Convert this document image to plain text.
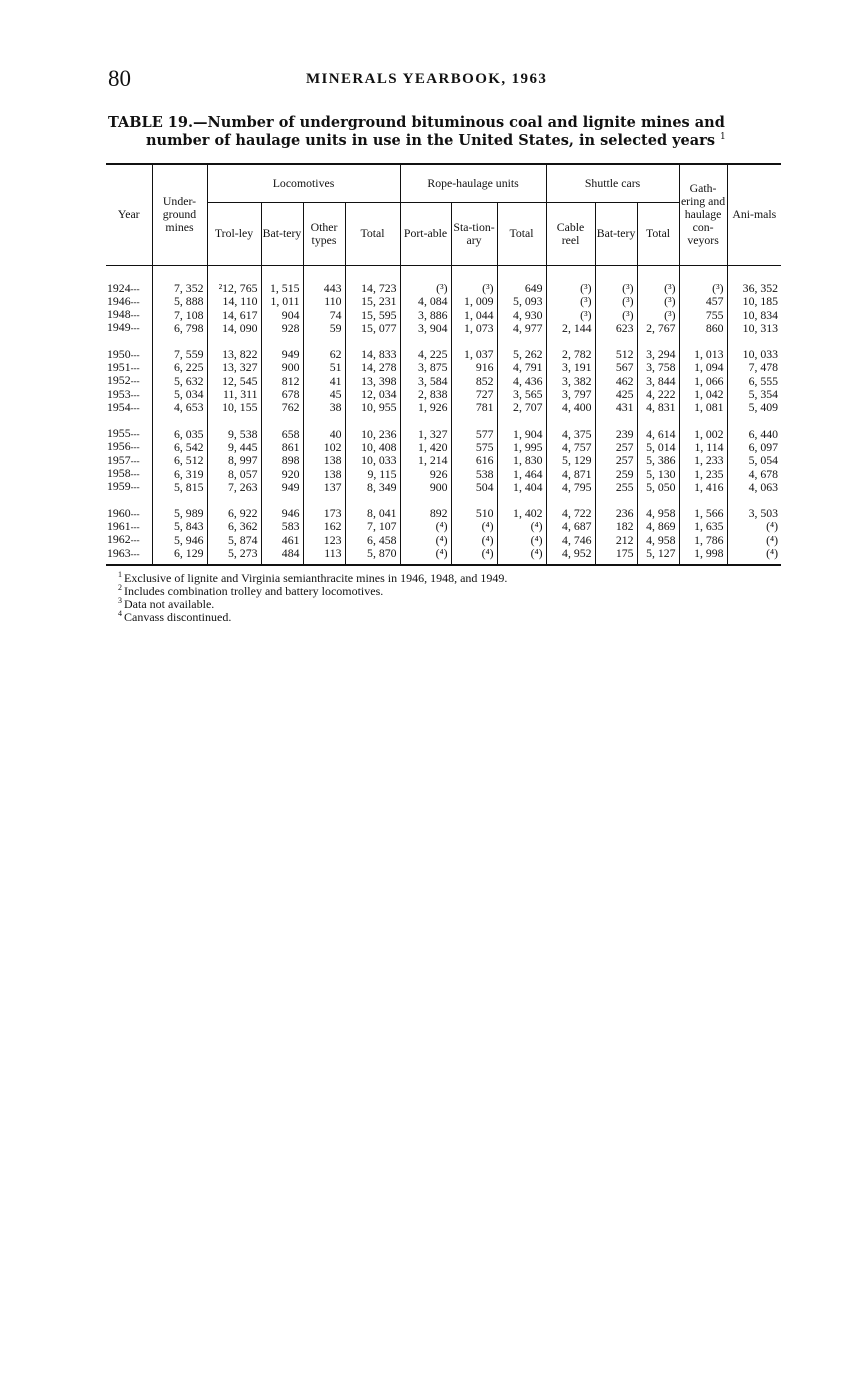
80	MINERALS YEARBOOK, 1963
TABLE 19.—Number of underground bituminous coal and lignite mines and
number of haulage units in use in the United States, in selected years $^1$
Year	Under-ground mines	Locomotives				Rope-haulage units			Shuttle cars			Gath-ering and haulage con-veyors	Ani-mals
		Trol-ley	Bat-tery	Other types	Total	Port-able	Sta-tion-ary	Total	Cable reel	Bat-tery	Total		
1924---	7, 352	²12, 765	1, 515	443	14, 723	(³)	(³)	649	(³)	(³)	(³)	(³)	36, 352
1946---	5, 888	14, 110	1, 011	110	15, 231	4, 084	1, 009	5, 093	(³)	(³)	(³)	457	10, 185
1948---	7, 108	14, 617	904	74	15, 595	3, 886	1, 044	4, 930	(³)	(³)	(³)	755	10, 834
1949---	6, 798	14, 090	928	59	15, 077	3, 904	1, 073	4, 977	2, 144	623	2, 767	860	10, 313

1950---	7, 559	13, 822	949	62	14, 833	4, 225	1, 037	5, 262	2, 782	512	3, 294	1, 013	10, 033
1951---	6, 225	13, 327	900	51	14, 278	3, 875	916	4, 791	3, 191	567	3, 758	1, 094	7, 478
1952---	5, 632	12, 545	812	41	13, 398	3, 584	852	4, 436	3, 382	462	3, 844	1, 066	6, 555
1953---	5, 034	11, 311	678	45	12, 034	2, 838	727	3, 565	3, 797	425	4, 222	1, 042	5, 354
1954---	4, 653	10, 155	762	38	10, 955	1, 926	781	2, 707	4, 400	431	4, 831	1, 081	5, 409

1955---	6, 035	9, 538	658	40	10, 236	1, 327	577	1, 904	4, 375	239	4, 614	1, 002	6, 440
1956---	6, 542	9, 445	861	102	10, 408	1, 420	575	1, 995	4, 757	257	5, 014	1, 114	6, 097
1957---	6, 512	8, 997	898	138	10, 033	1, 214	616	1, 830	5, 129	257	5, 386	1, 233	5, 054
1958---	6, 319	8, 057	920	138	9, 115	926	538	1, 464	4, 871	259	5, 130	1, 235	4, 678
1959---	5, 815	7, 263	949	137	8, 349	900	504	1, 404	4, 795	255	5, 050	1, 416	4, 063

1960---	5, 989	6, 922	946	173	8, 041	892	510	1, 402	4, 722	236	4, 958	1, 566	3, 503
1961---	5, 843	6, 362	583	162	7, 107	(⁴)	(⁴)	(⁴)	4, 687	182	4, 869	1, 635	(⁴)
1962---	5, 946	5, 874	461	123	6, 458	(⁴)	(⁴)	(⁴)	4, 746	212	4, 958	1, 786	(⁴)
1963---	6, 129	5, 273	484	113	5, 870	(⁴)	(⁴)	(⁴)	4, 952	175	5, 127	1, 998	(⁴)
$^1$ Exclusive of lignite and Virginia semianthracite mines in 1946, 1948, and 1949.
$^2$ Includes combination trolley and battery locomotives.
$^3$ Data not available.
$^4$ Canvass discontinued.
